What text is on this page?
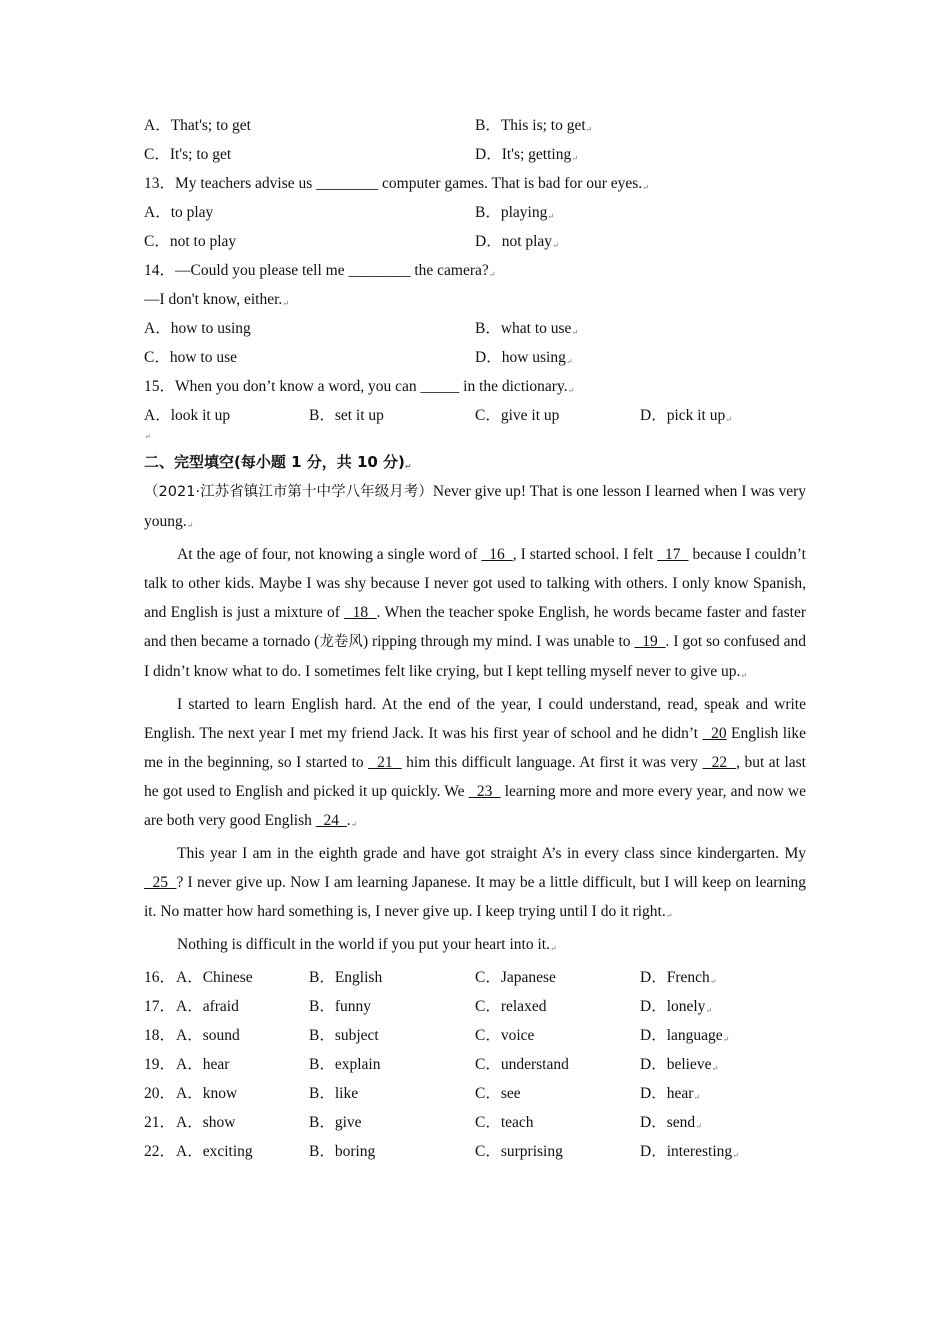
A．That's; to get	B．This is; to get↵
C．It's; to get	D．It's; getting↵
13．My teachers advise us ________ computer games. That is bad for our eyes.↵
A．to play	B．playing↵
C．not to play	D．not play↵
14．—Could you please tell me ________ the camera?↵
—I don't know, either.↵
A．how to using	B．what to use↵
C．how to use	D．how using↵
15．When you don’t know a word, you can _____ in the dictionary.↵
A．look it up	B．set it up	C．give it up	D．pick it up↵
↵
二、完型填空(每小题 1 分，共 10 分)↵
（2021·江苏省镇江市第十中学八年级月考）Never give up! That is one lesson I learned when I was very young.↵
At the age of four, not knowing a single word of   16  , I started school. I felt   17   because I couldn’t talk to other kids. Maybe I was shy because I never got used to talking with others. I only know Spanish, and English is just a mixture of   18  . When the teacher spoke English, he words became faster and faster and then became a tornado (龙卷风) ripping through my mind. I was unable to   19  . I got so confused and I didn’t know what to do. I sometimes felt like crying, but I kept telling myself never to give up.↵
I started to learn English hard. At the end of the year, I could understand, read, speak and write English. The next year I met my friend Jack. It was his first year of school and he didn’t   20 English like me in the beginning, so I started to   21   him this difficult language. At first it was very   22  , but at last he got used to English and picked it up quickly. We   23   learning more and more every year, and now we are both very good English   24  .↵
This year I am in the eighth grade and have got straight A’s in every class since kindergarten. My   25  ? I never give up. Now I am learning Japanese. It may be a little difficult, but I will keep on learning it. No matter how hard something is, I never give up. I keep trying until I do it right.↵
Nothing is difficult in the world if you put your heart into it.↵
16．A．Chinese	B．English	C．Japanese	D．French↵
17．A．afraid	B．funny	C．relaxed	D．lonely↵
18．A．sound	B．subject	C．voice	D．language↵
19．A．hear	B．explain	C．understand	D．believe↵
20．A．know	B．like	C．see	D．hear↵
21．A．show	B．give	C．teach	D．send↵
22．A．exciting	B．boring	C．surprising	D．interesting↵
